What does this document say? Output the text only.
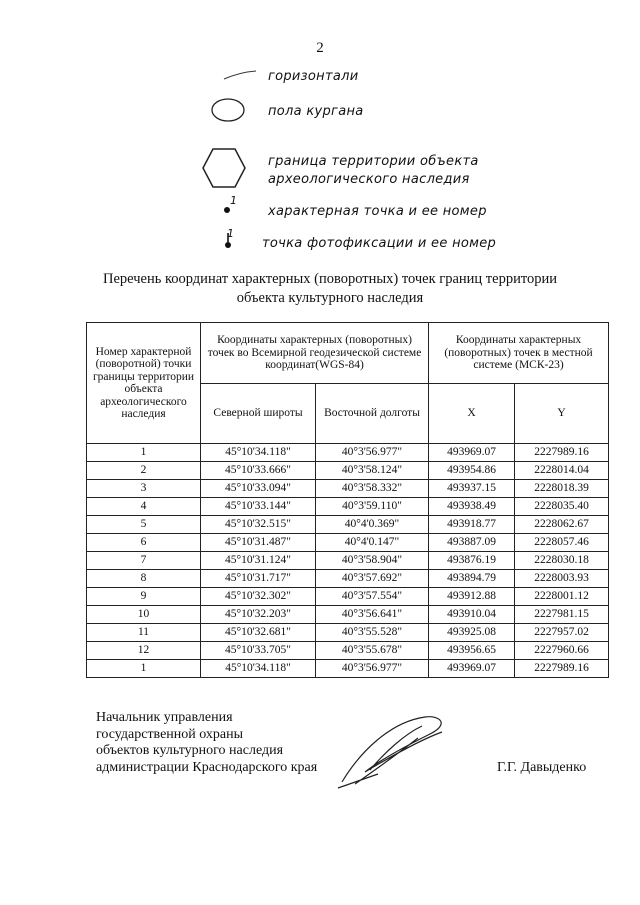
2
горизонтали
пола кургана
граница территории объекта
археологического наследия
1
характерная точка и ее номер
1
точка фотофиксации и ее номер
Перечень координат характерных (поворотных) точек границ территории
объекта культурного наследия
Номер характерной (поворотной) точки границы территории объекта археологического наследия	Координаты характерных (поворотных) точек во Всемирной геодезической системе координат(WGS-84)		Координаты характерных (поворотных) точек в местной системе (МСК-23)	
	Северной широты	Восточной долготы	X	Y
1	45°10'34.118"	40°3'56.977"	493969.07	2227989.16
2	45°10'33.666"	40°3'58.124"	493954.86	2228014.04
3	45°10'33.094"	40°3'58.332"	493937.15	2228018.39
4	45°10'33.144"	40°3'59.110"	493938.49	2228035.40
5	45°10'32.515"	40°4'0.369"	493918.77	2228062.67
6	45°10'31.487"	40°4'0.147"	493887.09	2228057.46
7	45°10'31.124"	40°3'58.904"	493876.19	2228030.18
8	45°10'31.717"	40°3'57.692"	493894.79	2228003.93
9	45°10'32.302"	40°3'57.554"	493912.88	2228001.12
10	45°10'32.203"	40°3'56.641"	493910.04	2227981.15
11	45°10'32.681"	40°3'55.528"	493925.08	2227957.02
12	45°10'33.705"	40°3'55.678"	493956.65	2227960.66
1	45°10'34.118"	40°3'56.977"	493969.07	2227989.16
Начальник управления
государственной охраны
объектов культурного наследия
администрации Краснодарского края	Г.Г. Давыденко
